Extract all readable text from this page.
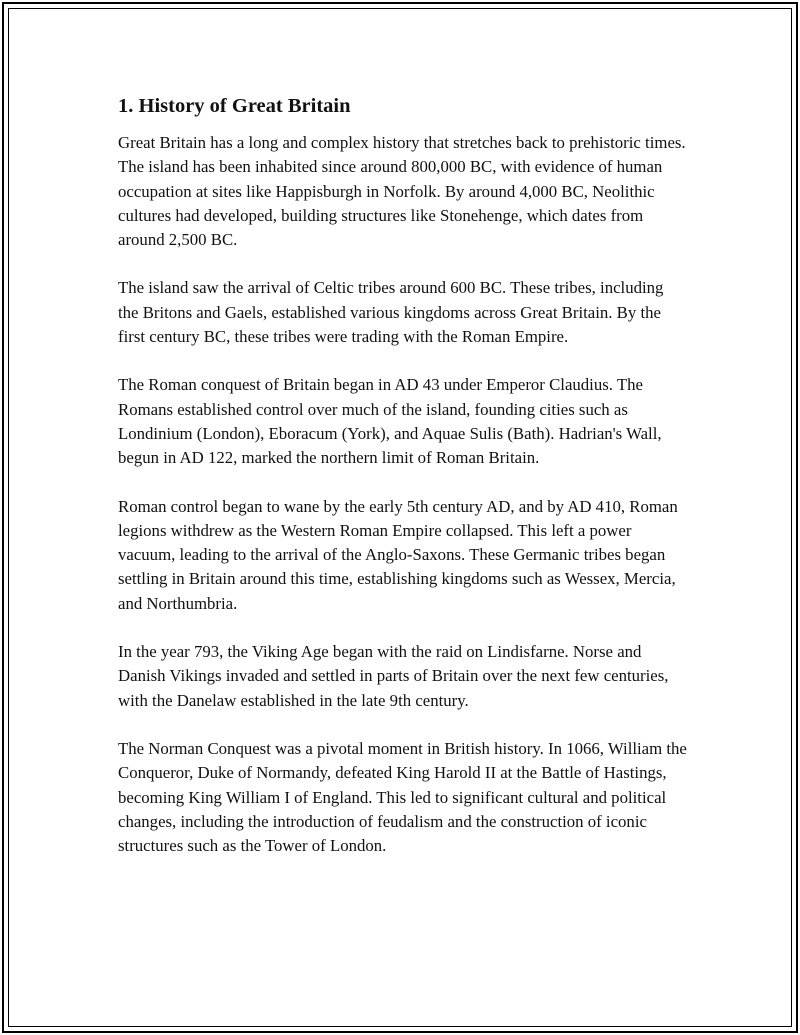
1. History of Great Britain

Great Britain has a long and complex history that stretches back to prehistoric times. The island has been inhabited since around 800,000 BC, with evidence of human occupation at sites like Happisburgh in Norfolk. By around 4,000 BC, Neolithic cultures had developed, building structures like Stonehenge, which dates from around 2,500 BC.

The island saw the arrival of Celtic tribes around 600 BC. These tribes, including the Britons and Gaels, established various kingdoms across Great Britain. By the first century BC, these tribes were trading with the Roman Empire.

The Roman conquest of Britain began in AD 43 under Emperor Claudius. The Romans established control over much of the island, founding cities such as Londinium (London), Eboracum (York), and Aquae Sulis (Bath). Hadrian's Wall, begun in AD 122, marked the northern limit of Roman Britain.

Roman control began to wane by the early 5th century AD, and by AD 410, Roman legions withdrew as the Western Roman Empire collapsed. This left a power vacuum, leading to the arrival of the Anglo-Saxons. These Germanic tribes began settling in Britain around this time, establishing kingdoms such as Wessex, Mercia, and Northumbria.

In the year 793, the Viking Age began with the raid on Lindisfarne. Norse and Danish Vikings invaded and settled in parts of Britain over the next few centuries, with the Danelaw established in the late 9th century.

The Norman Conquest was a pivotal moment in British history. In 1066, William the Conqueror, Duke of Normandy, defeated King Harold II at the Battle of Hastings, becoming King William I of England. This led to significant cultural and political changes, including the introduction of feudalism and the construction of iconic structures such as the Tower of London.
